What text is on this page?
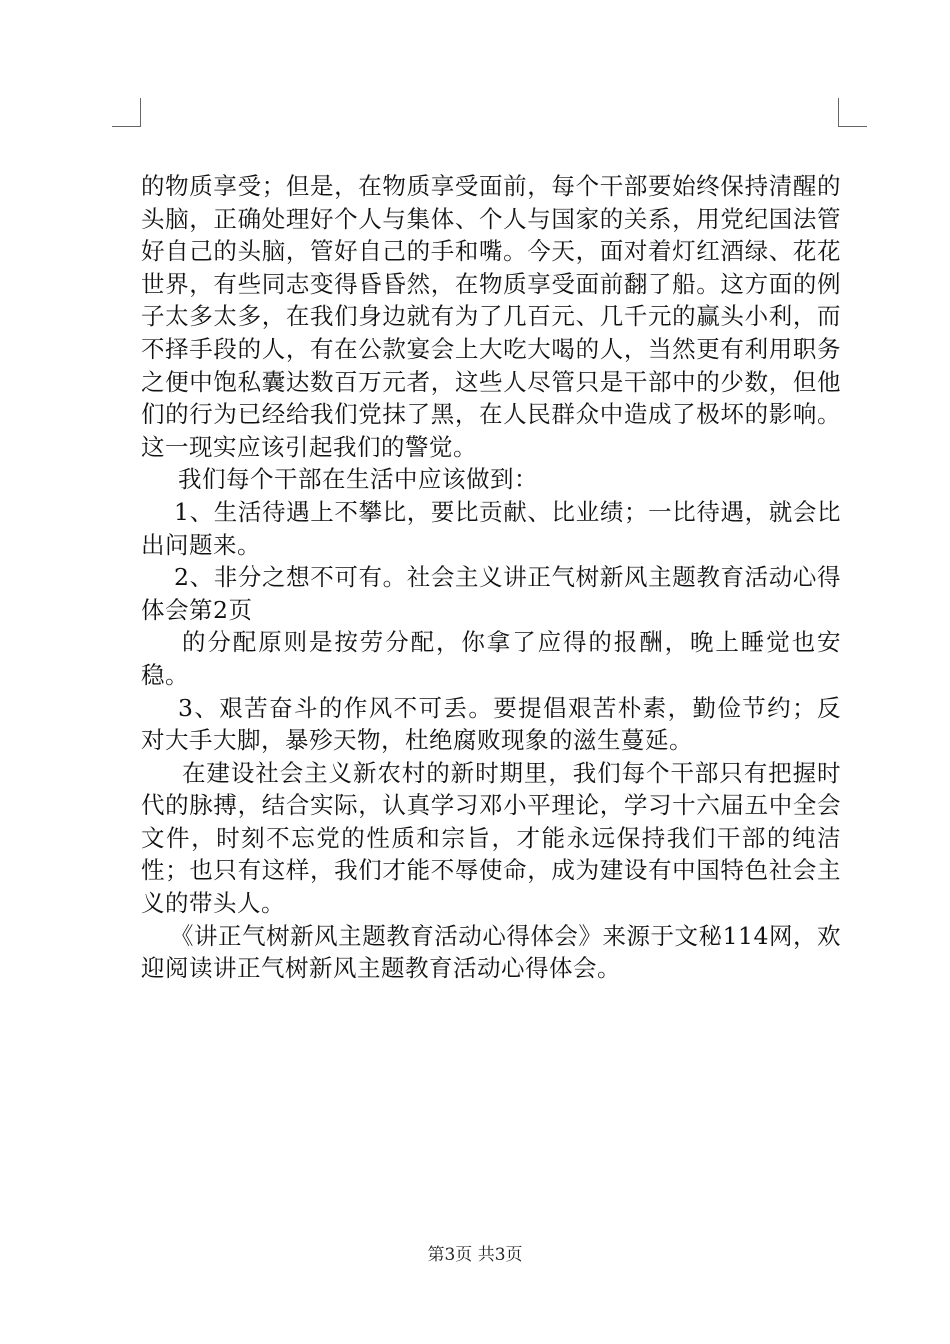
的物质享受；但是，在物质享受面前，每个干部要始终保持清醒的头脑，正确处理好个人与集体、个人与国家的关系，用党纪国法管好自己的头脑，管好自己的手和嘴。今天，面对着灯红酒绿、花花世界，有些同志变得昏昏然，在物质享受面前翻了船。这方面的例子太多太多，在我们身边就有为了几百元、几千元的赢头小利，而不择手段的人，有在公款宴会上大吃大喝的人，当然更有利用职务之便中饱私囊达数百万元者，这些人尽管只是干部中的少数，但他们的行为已经给我们党抹了黑，在人民群众中造成了极坏的影响。这一现实应该引起我们的警觉。

我们每个干部在生活中应该做到：

1、生活待遇上不攀比，要比贡献、比业绩；一比待遇，就会比出问题来。

2、非分之想不可有。社会主义讲正气树新风主题教育活动心得体会第2页

的分配原则是按劳分配，你拿了应得的报酬，晚上睡觉也安稳。

3、艰苦奋斗的作风不可丢。要提倡艰苦朴素，勤俭节约；反对大手大脚，暴殄天物，杜绝腐败现象的滋生蔓延。

在建设社会主义新农村的新时期里，我们每个干部只有把握时代的脉搏，结合实际，认真学习邓小平理论，学习十六届五中全会文件，时刻不忘党的性质和宗旨，才能永远保持我们干部的纯洁性；也只有这样，我们才能不辱使命，成为建设有中国特色社会主义的带头人。

《讲正气树新风主题教育活动心得体会》来源于文秘114网，欢迎阅读讲正气树新风主题教育活动心得体会。

第3页 共3页
